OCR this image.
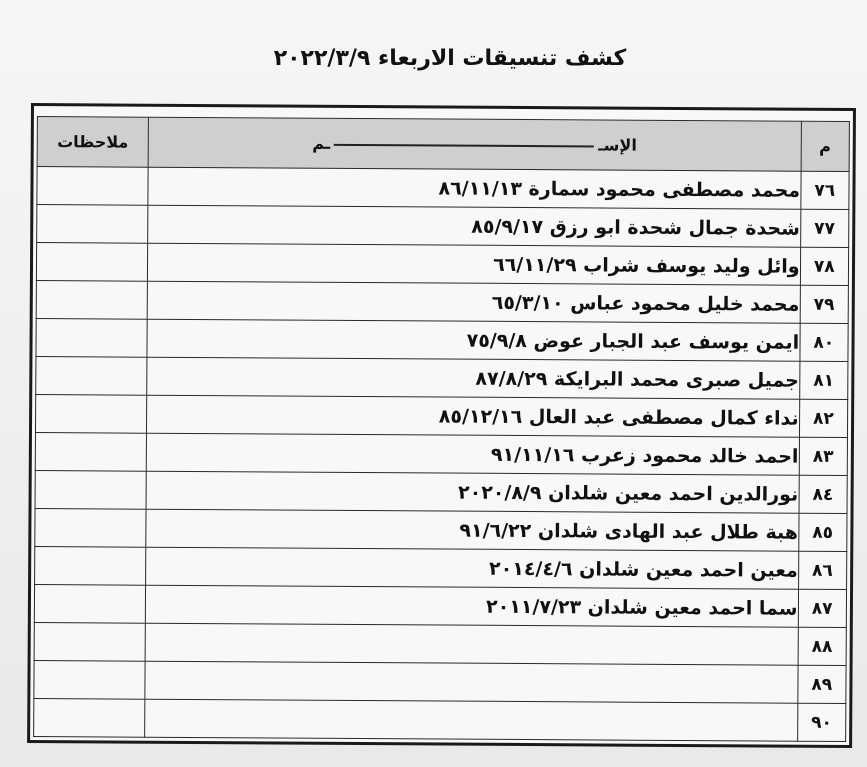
كشف تنسيقات الاربعاء ٢٠٢٢/٣/٩
م	الإســم	ملاحظات
٧٦	محمد مصطفى محمود سمارة ٨٦/١١/١٣	
٧٧	شحدة جمال شحدة ابو رزق ٨٥/٩/١٧	
٧٨	وائل وليد يوسف شراب ٦٦/١١/٢٩	
٧٩	محمد خليل محمود عباس ٦٥/٣/١٠	
٨٠	ايمن يوسف عبد الجبار عوض ٧٥/٩/٨	
٨١	جميل صبرى محمد البرايكة ٨٧/٨/٢٩	
٨٢	نداء كمال مصطفى عبد العال ٨٥/١٢/١٦	
٨٣	احمد خالد محمود زعرب ٩١/١١/١٦	
٨٤	نورالدين احمد معين شلدان ٢٠٢٠/٨/٩	
٨٥	هبة طلال عبد الهادى شلدان ٩١/٦/٢٢	
٨٦	معين احمد معين شلدان ٢٠١٤/٤/٦	
٨٧	سما احمد معين شلدان ٢٠١١/٧/٢٣	
٨٨		
٨٩		
٩٠		
